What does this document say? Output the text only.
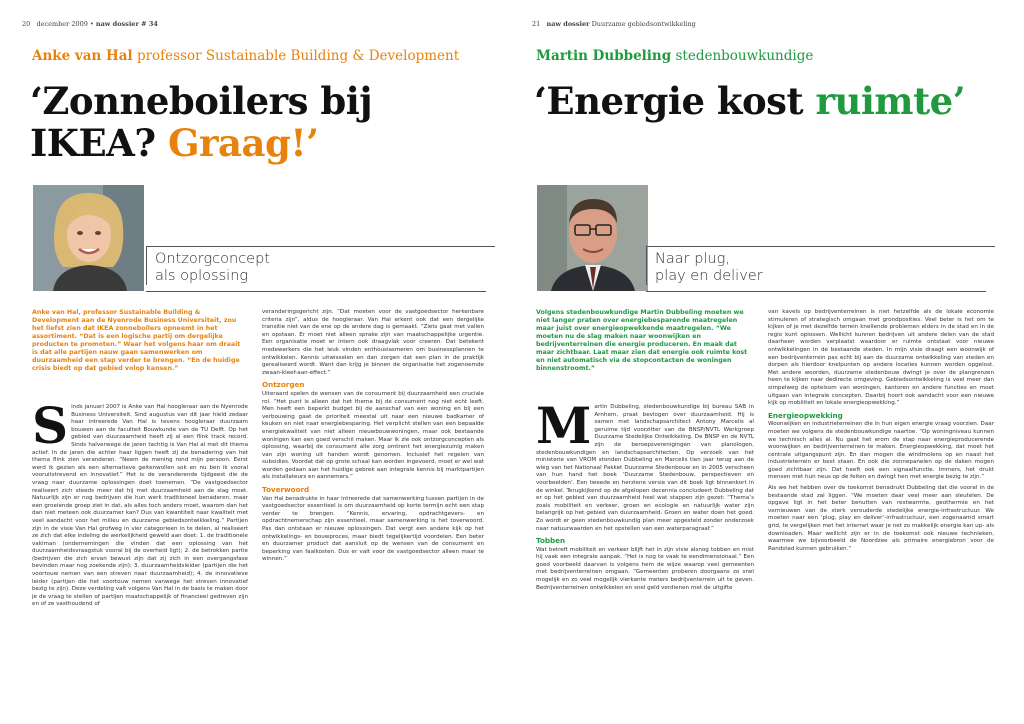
20 december 2009 • naw dossier # 34
Anke van Hal professor Sustainable Building & Development
‘Zonneboilers bij
IKEA? Graag!’
Ontzorgconcept
als oplossing
Anke van Hal, professor Sustainable Building & Development aan de Nyenrode Business Universiteit, zou het liefst zien dat IKEA zonneboilers opneemt in het assortiment. “Dat is een logische partij om dergelijke producten te promoten.” Waar het volgens haar om draait is dat alle partijen nauw gaan samenwerken om duurzaamheid een stap verder te brengen. “En de huidige crisis biedt op dat gebied volop kansen.”
S inds januari 2007 is Anke van Hal hoogleraar aan de Nyenrode Business Universiteit. Sind augustus van dit jaar hield zedaar haar intreerede Van Hal is tevens hoogleraar duurzaam bouwen aan de faculteit Bouwkunde van de TU Delft. Op het gebied van duurzaamheid heeft zij al een flink track record. Sinds halverwege de jaren tachtig is Van Hal al met dit thema actief. In de jaren die achter haar liggen heeft zij de benadering van het thema flink zien veranderen. “Neem de mening rond mijn persoon. Eerst werd ik gezien als een alternatieve geitenwollen sok en nu ben ik vooral vooruitstrevend en innovatief.” Het is de veranderende tijdgeest die de vraag naar duurzame oplossingen doet toenemen. “De vastgoedsector realiseert zich steeds meer dat hij met duurzaamheid aan de slag moet. Natuurlijk zijn er nog bedrijven die hun werk traditioneel benaderen, maar een groeiende groep ziet in dat, als alles toch anders moet, waarom dan het dan niet meteen ook duurzamer kan? Dus van kwantiteit naar kwaliteit met veel aandacht voor het milieu en duurzame gebiedsontwikkeling.” Partijen zijn in de visie Van Hal grofweg in vier categorieen in te delen, al realiseert ze zich dat elke indeling de werkelijkheid geweld aan doet: 1. de traditionele vaklman (ondernemingen die vinden dat een oplossing van het duurzaamheidsvraagstuk vooral bij de overheid ligt); 2. de betrokken partie (bedrijven die zich ervan bewust zijn dat zij zich in een overgangsfase bevinden maar nog zoekende zijn); 3. duurzaamheidsleider (partijen die het voortouw nemen van een streven naar duurzaamheid); 4. de innovatieve leider (partijen die het voortouw nemen vanwege het streven innovatief bezig te zijn). Deze verdeling valt volgens Van Hal in de basis te maken door je de vraag te stellen of partijen maatschappelijk of financieel gedreven zijn en of ze vasthoudend of

veranderingsgericht zijn. “Dat moeten voor de vastgoedsector herkenbare criteria zijn”, aldus de hoogleraar. Van Hal erkent ook dat een dergelijke transitie niet van de ene op de andere dag is gemaakt. “Ziets gaat met vallen en opstaan. Er moet niet alleen sprake zijn van maatschappelijke urgentie. Een organisatie moet er intern ook draagvlak voor creeren. Dat betekent medewerkers die het leuk vinden enthousiasmeren om businessplannen te ontwikkelen. Kennis uitwisselen en dan zorgen dat een plan in de praktijk gerealiseerd wordt. Want dan krijg je binnen de organisatie het zogenoemde zwaan-kleef-aan-effect.”

Ontzorgen

Uiteraard spelen de wensen van de consument bij duurzaamheid een cruciale rol. “Het punt is alleen dat het thema bij de consument nog niet echt leeft. Men heeft een beperkt budget bij de aanschaf van een woning en bij een verbouwing gaat de prioriteit meestal uit naar een nieuwe badkamer of keuken en niet naar energiebesparing. Het verplicht stellen van een bepaalde energiekwaliteit van niet alleen nieuwbouwwoningen, maar ook bestaande woningen kan een goed verschil maken. Maar ik zie ook ontzorgconcepten als oplossing, waarbij de consument alle zorg omtrent het energiezuinig maken van zijn woning uit handen wordt genomen. Inclusief het regelen van subsidies. Voordat dat op grote schaal kan worden ingevoerd, moet er wel wat worden gedaan aan het huidige gebrek aan integrale kennis bij marktpartijen als installateurs en aannemers.”

Toverwoord

Van Hal benadrukte in haar intreerede dat samenwerking tussen partijen in de vastgoedsector essentieel is om duurzaamheid op korte termijn echt een stap verder te brengen. “Kennis, ervaring, opdrachtgevers- en opdrachtnemerschap zijn essentieel, maar samenwerking is het toverwoord. Pas dan ontstaan er nieuwe oplossingen. Dat vergt een andere kijk op het ontwikkelings- en bouwproces, maar biedt tegelijkertijd voordelen. Een beter en duurzamer product dat aansluit op de wensen van de consument en beperking van faalkosten. Dus er valt voor de vastgoedsector alleen maar te winnen.”

21 naw dossier Duurzame gebiedsontwikkeling
Martin Dubbeling stedenbouwkundige
‘Energie kost ruimte’
Naar plug,
play en deliver
Volgens stedenbouwkundige Martin Dubbeling moeten we niet langer praten over energiebesparende maatregelen maar juist over energieopwekkende maatregelen. “We moeten nu de slag maken naar woonwijken en bedrijventerreinen die energie produceren. En maak dat maar zichtbaar. Laat maar zien dat energie ook ruimte kost en niet automatisch via de stopcontacten de woningen binnenstroomt.”
M artin Dubbeling, stedenbouwkundige bij bureau SAB in Arnhem, praat bevlogen over duurzaamheid. Hij is samen met landschapsarchitect Antony Marcelis al geruime tijd voorzitter van de BNSP/NVTL Werkgroep Duurzame Stedelijke Ontwikkeling. De BNSP en de NVTL zijn de beroepsverenigingen van planologen, stedenbouwkundigen en landschapsarchitecten. Op verzoek van het ministerie van VROM stonden Dubbeling en Marcelis tien jaar terug aan de wieg van het Nationaal Pakket Duurzame Stedenbouw en in 2005 verscheen van hun hand het boek ‘Duurzame Stedenbouw, perspectieven en voorbeelden’. Een tweede en herziene versie van dit boek ligt binnenkort in de winkel. Terugkijkend op de afgelopen decennia concludeert Dubbeling dat er op het gebied van duurzaamheid heel wat stappen zijn gezet: “Thema’s zoals mobiliteit en verkeer, groen en ecologie en natuurlijk water zijn belangrijk op het gebied van duurzaamheid. Groen en water doen het goed. Zo wordt er geen stedenbouwkundig plan meer opgesteld zonder onderzoek naar natuurwaarden en het opstellen van een waterparagraaf.”

Tobben

Wat betreft mobiliteit en verkeer blijft het in zijn visie alsnog tobben en mist hij vaak een integrale aanpak. “Het is nog te vaak te eendimensionaal.” Een goed voorbeeld daarvan is volgens hem de wijze waarop veel gemeenten met bedrijventerreinen omgaan. “Gemeenten proberen doorgaans zo snel mogelijk en zo veel mogelijk vierkante meters bedrijventerrein uit te geven. Bedrijventerreinen ontwikkelen en snel geld verdienen met de uitgifte

van kavels op bedrijventerreinen is niet hetzelfde als de lokale economie stimuleren of strategisch omgaan met grondposities. Veel beter is het om te kijken of je met dezelfde terrein knellende problemen elders in de stad en in de regio kunt oplossen. Wellicht kunnen bedrijven uit andere delen van de stad daarheen worden verplaatst waardoor er ruimte ontstaat voor nieuwe ontwikkelingen in de bestaande steden. In mijn visie draagt een woonwijk of een bedrijventerrein pas echt bij aan de duurzame ontwikkeling van steden en dorpen als hierdoor knelpunten op andere locaties kunnen worden opgelost. Met andere woorden, duurzame stedenbouw dwingt je over de plangrenzen heen te kijken naar dedirecte omgeving. Gebiedsontwikkeling is veel meer dan simpelweg de optelsom van woningen, kantoren en andere functies en moet uitgaan van integrale concepten. Daarbij hoort ook aandacht voor een nieuwe kijk op mobiliteit en lokale energieopwekking.”

Energieopwekking

Woonwijken en industrieterreinen die in hun eigen energie vraag voorzien. Daar moeten we volgens de stedenbouwkundige naartoe. “Op woningniveau kunnen we technisch alles al. Nu gaat het erom de stap naar energieproducerende woonwijken en bedrijventerreinen te maken. Energieopwekking, dat moet het centrale uitgangspunt zijn. En dan mogen die windmolens op en naast het industrieterrein er best staan. En ook die zonnepanelen op de daken mogen goed zichtbaar zijn. Dat heeft ook een signaalfunctie. Immers, het drukt mensen met hun neus op de feiten en dwingt hen met energie bezig te zijn.”

Als we het hebben over de toekomst benadrukt Dubbeling dat die vooral in de bestaande stad zal liggen. “We moeten daar veel meer aan sleutelen. De opgave ligt in het beter benutten van restwarmte, geothermie en het vernieuwen van de sterk verouderde stedelijke energie-infrastructuur. We moeten naar een ‘plug, play en deliver’-infrastructuur, een zogenaamd smart grid, te vergelijken met het internet waar je net zo makkelijk energie kan up- als downloaden. Maar wellicht zijn er in de toekomst ook nieuwe technieken, waarmee we bijvoorbeeld de Noordzee als primaire energiebron voor de Randstad kunnen gebruiken.”
